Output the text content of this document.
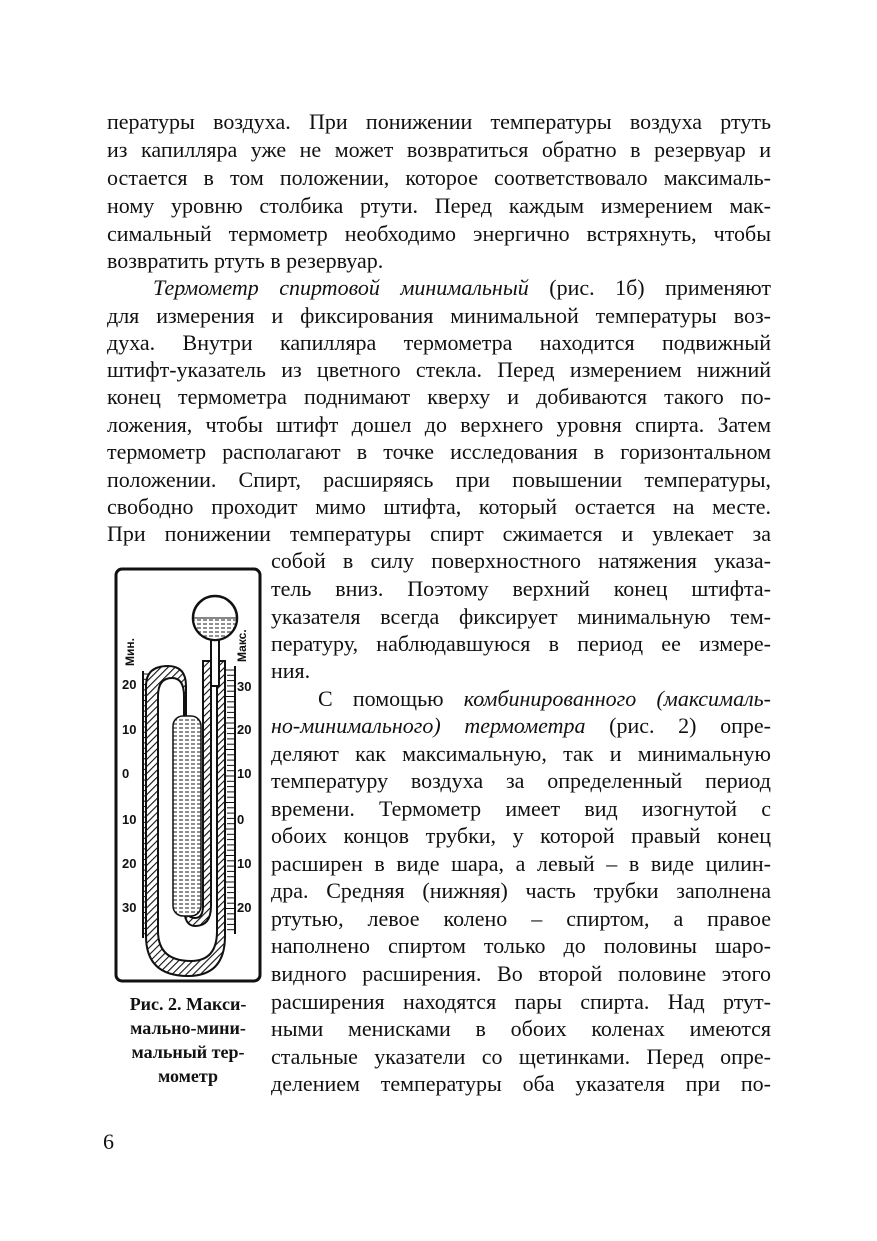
пературы воздуха. При понижении температуры воздуха ртуть
из капилляра уже не может возвратиться обратно в резервуар и
остается в том положении, которое соответствовало максималь-
ному уровню столбика ртути. Перед каждым измерением мак-
симальный термометр необходимо энергично встряхнуть, чтобы
возвратить ртуть в резервуар.
Термометр спиртовой минимальный (рис. 1б) применяют
для измерения и фиксирования минимальной температуры воз-
духа. Внутри капилляра термометра находится подвижный
штифт-указатель из цветного стекла. Перед измерением нижний
конец термометра поднимают кверху и добиваются такого по-
ложения, чтобы штифт дошел до верхнего уровня спирта. Затем
термометр располагают в точке исследования в горизонтальном
положении. Спирт, расширяясь при повышении температуры,
свободно проходит мимо штифта, который остается на месте.
При понижении температуры спирт сжимается и увлекает за
собой в силу поверхностного натяжения указа-
тель вниз. Поэтому верхний конец штифта-
указателя всегда фиксирует минимальную тем-
пературу, наблюдавшуюся в период ее измере-
ния.
С помощью комбинированного (максималь-
но-минимального) термометра (рис. 2) опре-
деляют как максимальную, так и минимальную
температуру воздуха за определенный период
времени. Термометр имеет вид изогнутой с
обоих концов трубки, у которой правый конец
расширен в виде шара, а левый – в виде цилин-
дра. Средняя (нижняя) часть трубки заполнена
ртутью, левое колено – спиртом, а правое
наполнено спиртом только до половины шаро-
видного расширения. Во второй половине этого
расширения находятся пары спирта. Над ртут-
ными менисками в обоих коленах имеются
стальные указатели со щетинками. Перед опре-
делением температуры оба указателя при по-
Мин.	Макс.
20
10
0
10
20
30
30
20
10
0
10
20
Рис. 2. Макси-
мально-мини-
мальный тер-
мометр
6
